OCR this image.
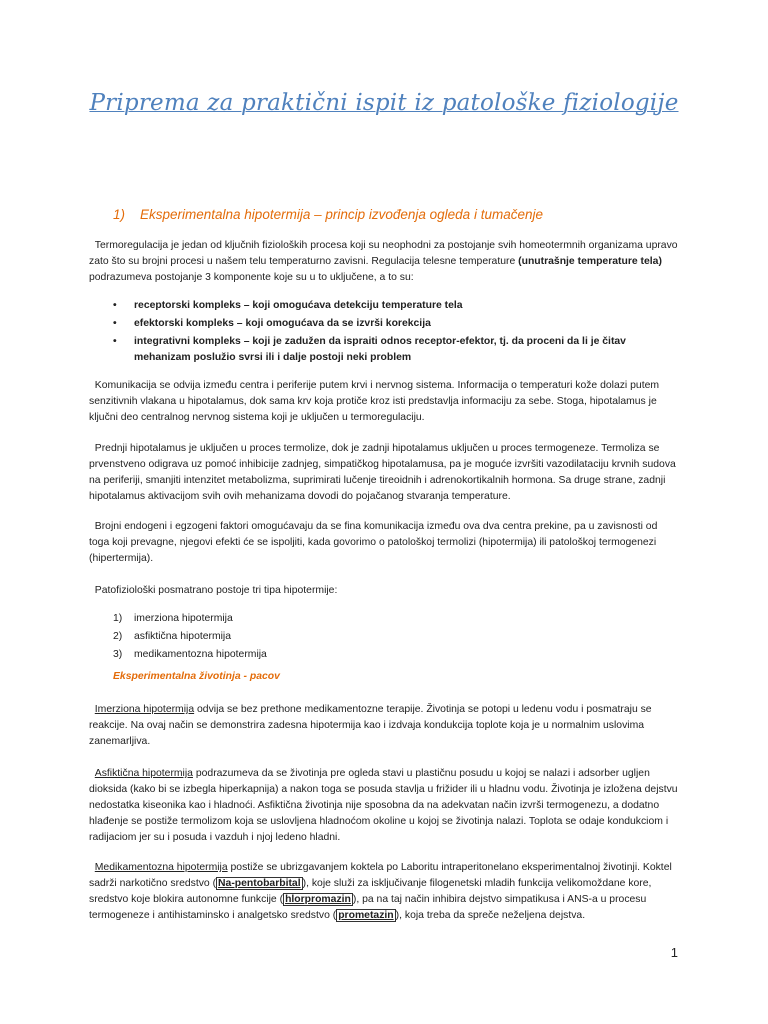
Priprema za praktični ispit iz patološke fiziologije
1) Eksperimentalna hipotermija – princip izvođenja ogleda i tumačenje
Termoregulacija je jedan od ključnih fizioloških procesa koji su neophodni za postojanje svih homeotermnih organizama upravo zato što su brojni procesi u našem telu temperaturno zavisni. Regulacija telesne temperature (unutrašnje temperature tela) podrazumeva postojanje 3 komponente koje su u to uključene, a to su:
•	receptorski kompleks – koji omogućava detekciju temperature tela
•	efektorski kompleks – koji omogućava da se izvrši korekcija
•	integrativni kompleks – koji je zadužen da ispraiti odnos receptor-efektor, tj. da proceni da li je čitav mehanizam poslužio svrsi ili i dalje postoji neki problem
Komunikacija se odvija između centra i periferije putem krvi i nervnog sistema. Informacija o temperaturi kože dolazi putem senzitivnih vlakana u hipotalamus, dok sama krv koja protiče kroz isti predstavlja informaciju za sebe. Stoga, hipotalamus je ključni deo centralnog nervnog sistema koji je uključen u termoregulaciju.
Prednji hipotalamus je uključen u proces termolize, dok je zadnji hipotalamus uključen u proces termogeneze. Termoliza se prvenstveno odigrava uz pomoć inhibicije zadnjeg, simpatičkog hipotalamusa, pa je moguće izvršiti vazodilataciju krvnih sudova na periferiji, smanjiti intenzitet metabolizma, suprimirati lučenje tireoidnih i adrenokortikalnih hormona. Sa druge strane, zadnji hipotalamus aktivacijom svih ovih mehanizama dovodi do pojačanog stvaranja temperature.
Brojni endogeni i egzogeni faktori omogućavaju da se fina komunikacija između ova dva centra prekine, pa u zavisnosti od toga koji prevagne, njegovi efekti će se ispoljiti, kada govorimo o patološkoj termolizi (hipotermija) ili patološkoj termogenezi (hipertermija).
Patofiziološki posmatrano postoje tri tipa hipotermije:
1)	imerziona hipotermija
2)	asfiktična hipotermija
3)	medikamentozna hipotermija
Eksperimentalna životinja - pacov
Imerziona hipotermija odvija se bez prethone medikamentozne terapije. Životinja se potopi u ledenu vodu i posmatraju se reakcije. Na ovaj način se demonstrira zadesna hipotermija kao i izdvaja kondukcija toplote koja je u normalnim uslovima zanemarljiva.
Asfiktična hipotermija podrazumeva da se životinja pre ogleda stavi u plastičnu posudu u kojoj se nalazi i adsorber ugljen dioksida (kako bi se izbegla hiperkapnija) a nakon toga se posuda stavlja u frižider ili u hladnu vodu. Životinja je izložena dejstvu nedostatka kiseonika kao i hladnoći. Asfiktična životinja nije sposobna da na adekvatan način izvrši termogenezu, a dodatno hlađenje se postiže termolizom koja se uslovljena hladnoćom okoline u kojoj se životinja nalazi. Toplota se odaje kondukciom i radijaciom jer su i posuda i vazduh i njoj ledeno hladni.
Medikamentozna hipotermija postiže se ubrizgavanjem koktela po Laboritu intraperitonelano eksperimentalnoj životinji. Koktel sadrži narkotično sredstvo ( Na-pentobarbital ), koje služi za isključivanje filogenetski mladih funkcija velikomoždane kore, sredstvo koje blokira autonomne funkcije ( hlorpromazin ), pa na taj način inhibira dejstvo simpatikusa i ANS-a u procesu termogeneze i antihistaminsko i analgetsko sredstvo ( prometazin ), koja treba da spreče neželjena dejstva.
1
